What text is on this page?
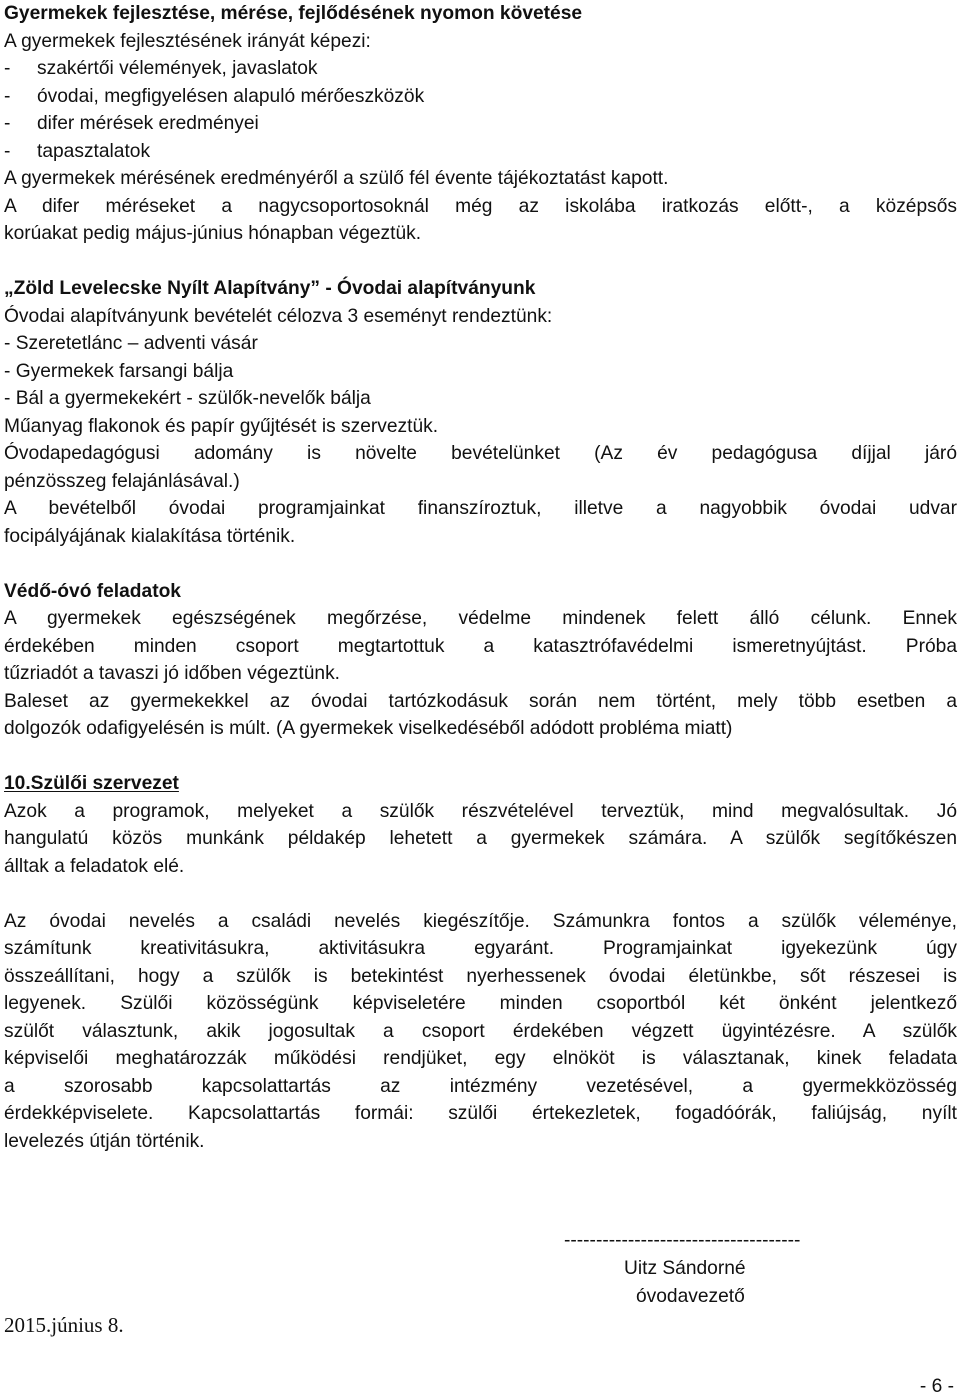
Gyermekek fejlesztése, mérése, fejlődésének nyomon követése
A gyermekek fejlesztésének irányát képezi:
- szakértői vélemények, javaslatok
- óvodai, megfigyelésen alapuló mérőeszközök
- difer mérések eredményei
- tapasztalatok
A gyermekek mérésének eredményéről a szülő fél évente tájékoztatást kapott.
A difer méréseket a nagycsoportosoknál még az iskolába iratkozás előtt-, a középsős
korúakat pedig május-június hónapban végeztük.
„Zöld Levelecske Nyílt Alapítvány” - Óvodai alapítványunk
Óvodai alapítványunk bevételét célozva 3 eseményt rendeztünk:
- Szeretetlánc – adventi vásár
- Gyermekek farsangi bálja
- Bál a gyermekekért - szülők-nevelők bálja
Műanyag flakonok és papír gyűjtését is szerveztük.
Óvodapedagógusi adomány is növelte bevételünket (Az év pedagógusa díjjal járó
pénzösszeg felajánlásával.)
A bevételből óvodai programjainkat finanszíroztuk, illetve a nagyobbik óvodai udvar
focipályájának kialakítása történik.
Védő-óvó feladatok
A gyermekek egészségének megőrzése, védelme mindenek felett álló célunk. Ennek
érdekében minden csoport megtartottuk a katasztrófavédelmi ismeretnyújtást. Próba
tűzriadót a tavaszi jó időben végeztünk.
Baleset az gyermekekkel az óvodai tartózkodásuk során nem történt, mely több esetben a
dolgozók odafigyelésén is múlt. (A gyermekek viselkedéséből adódott probléma miatt)
10.Szülői szervezet
Azok a programok, melyeket a szülők részvételével terveztük, mind megvalósultak. Jó
hangulatú közös munkánk példakép lehetett a gyermekek számára. A szülők segítőkészen
álltak a feladatok elé.
Az óvodai nevelés a családi nevelés kiegészítője. Számunkra fontos a szülők véleménye,
számítunk kreativitásukra, aktivitásukra egyaránt. Programjainkat igyekezünk úgy
összeállítani, hogy a szülők is betekintést nyerhessenek óvodai életünkbe, sőt részesei is
legyenek. Szülői közösségünk képviseletére minden csoportból két önként jelentkező
szülőt választunk, akik jogosultak a csoport érdekében végzett ügyintézésre. A szülők
képviselői meghatározzák működési rendjüket, egy elnököt is választanak, kinek feladata
a szorosabb kapcsolattartás az intézmény vezetésével, a gyermekközösség
érdekképviselete. Kapcsolattartás formái: szülői értekezletek, fogadóórák, faliújság, nyílt
levelezés útján történik.
-------------------------------------
Uitz Sándorné
óvodavezető
2015.június 8.
- 6 -
